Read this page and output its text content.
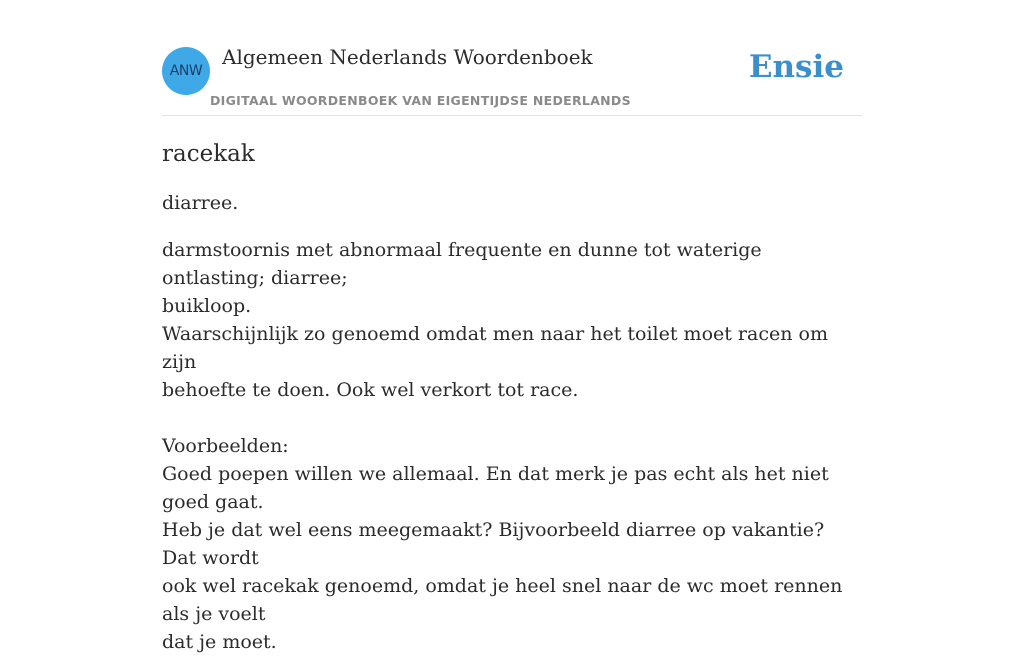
ANW
Algemeen Nederlands Woordenboek
DIGITAAL WOORDENBOEK VAN EIGENTIJDSE NEDERLANDS
Ensie
racekak

diarree.

darmstoornis met abnormaal frequente en dunne tot waterige ontlasting; diarree;
buikloop.
Waarschijnlijk zo genoemd omdat men naar het toilet moet racen om zijn
behoefte te doen. Ook wel verkort tot race.
Voorbeelden:
Goed poepen willen we allemaal. En dat merk je pas echt als het niet goed gaat.
Heb je dat wel eens meegemaakt? Bijvoorbeeld diarree op vakantie? Dat wordt
ook wel racekak genoemd, omdat je heel snel naar de wc moet rennen als je voelt
dat je moet.
